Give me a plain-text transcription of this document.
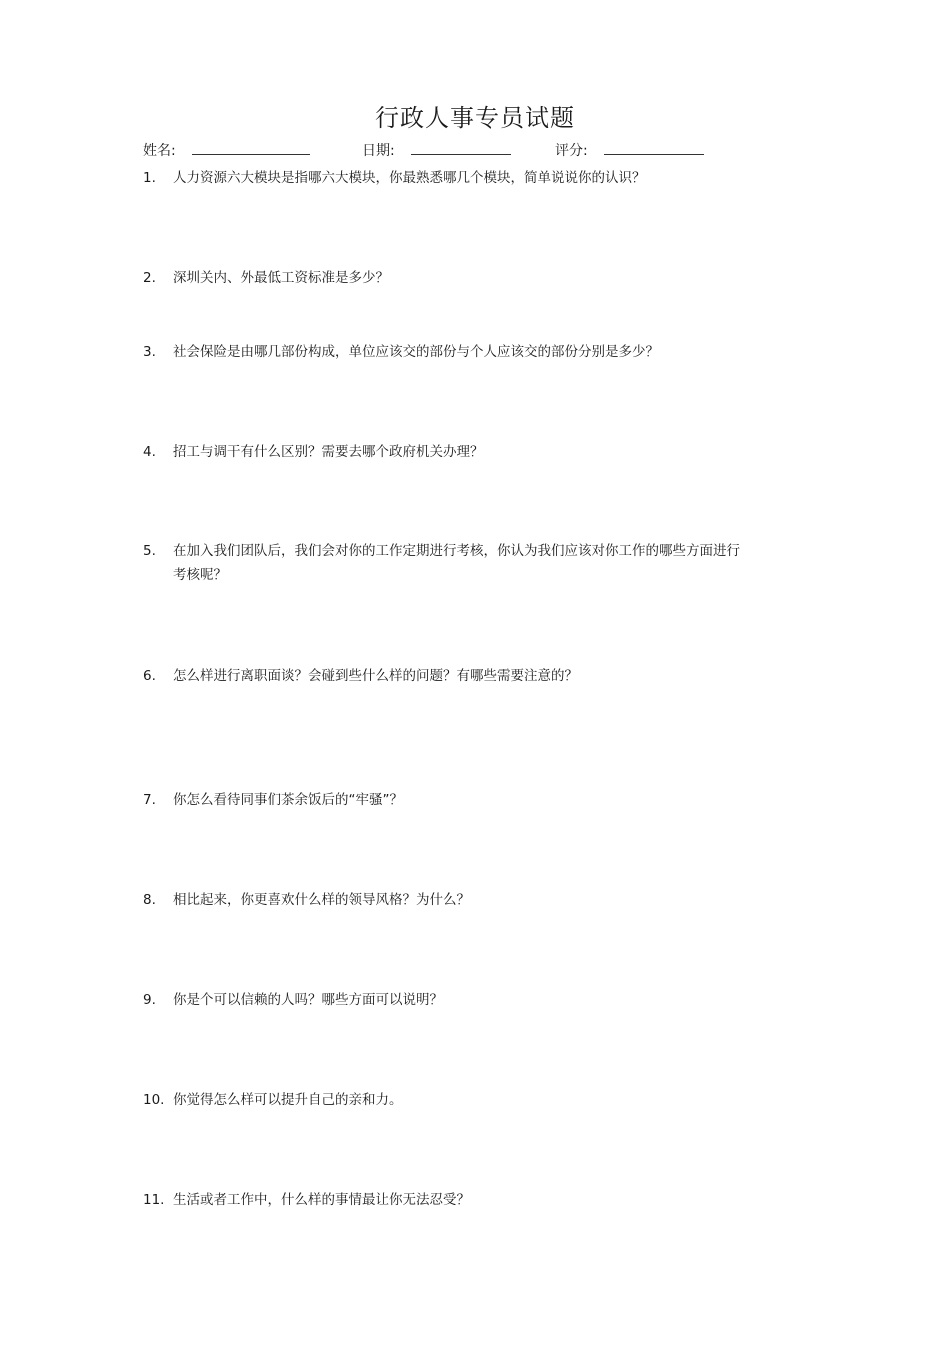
行政人事专员试题
姓名:	日期:	评分:
1. 人力资源六大模块是指哪六大模块，你最熟悉哪几个模块，简单说说你的认识？
2. 深圳关内、外最低工资标准是多少？
3. 社会保险是由哪几部份构成，单位应该交的部份与个人应该交的部份分别是多少？
4. 招工与调干有什么区别？需要去哪个政府机关办理？
5. 在加入我们团队后，我们会对你的工作定期进行考核，你认为我们应该对你工作的哪些方面进行考核呢？
6. 怎么样进行离职面谈？会碰到些什么样的问题？有哪些需要注意的？
7. 你怎么看待同事们茶余饭后的“牢骚”？
8. 相比起来，你更喜欢什么样的领导风格？为什么？
9. 你是个可以信赖的人吗？哪些方面可以说明？
10. 你觉得怎么样可以提升自己的亲和力。
11. 生活或者工作中，什么样的事情最让你无法忍受？
